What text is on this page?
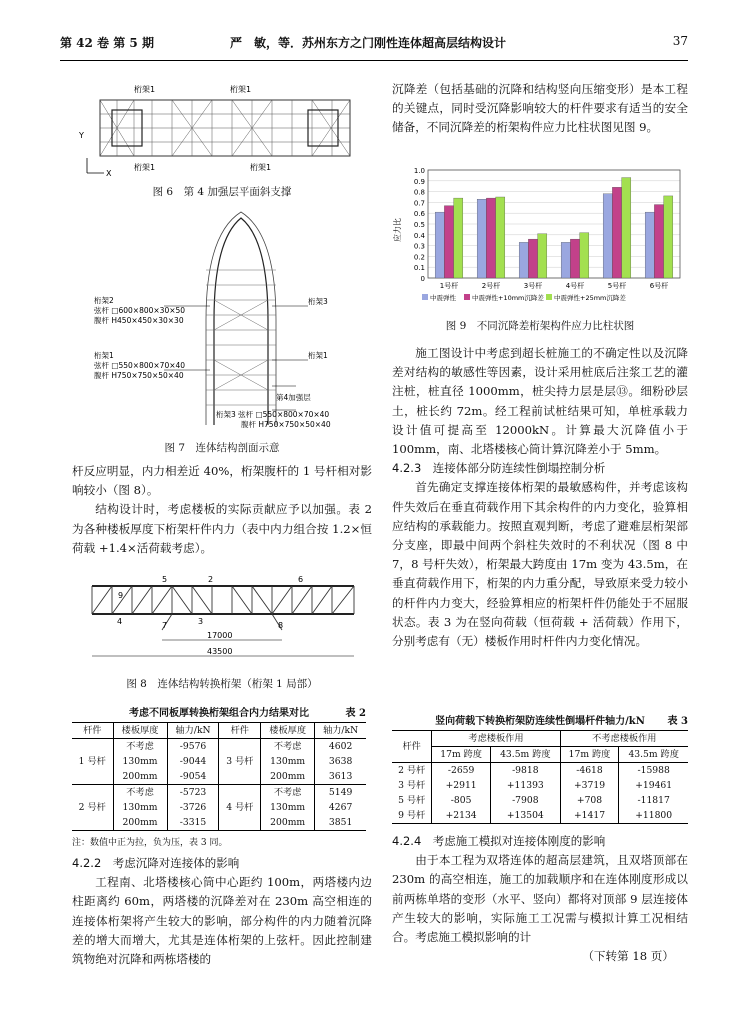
第 42 卷 第 5 期	严　敏，等．苏州东方之门刚性连体超高层结构设计	37
X
Y
桁架1	桁架1
桁架1	桁架1
图 6　第 4 加强层平面斜支撑
桁架2
弦杆 □600×800×30×50
腹杆 H450×450×30×30
桁架1
弦杆 □550×800×70×40
腹杆 H750×750×50×40
桁架3
桁架1
第4加强层
桁架3 弦杆 □550×800×70×40
腹杆 H750×750×50×40
图 7　连体结构剖面示意

杆反应明显，内力相差近 40%，桁架腹杆的 1 号杆相对影响较小（图 8）。

结构设计时，考虑楼板的实际贡献应予以加强。表 2 为各种楼板厚度下桁架杆件内力（表中内力组合按 1.2×恒荷载 +1.4×活荷载考虑）。

17000
43500
5	2	6
9
4	7	3	8
图 8　连体结构转换桁架（桁架 1 局部）
考虑不同板厚转换桁架组合内力结果对比	表 2
杆件	楼板厚度	轴力/kN	杆件	楼板厚度	轴力/kN
1 号杆	不考虑	-9576	3 号杆	不考虑	4602
	130mm	-9044		130mm	3638
	200mm	-9054		200mm	3613
2 号杆	不考虑	-5723	4 号杆	不考虑	5149
	130mm	-3726		130mm	4267
	200mm	-3315		200mm	3851
注：数值中正为拉，负为压，表 3 同。

4.2.2　考虑沉降对连接体的影响

工程南、北塔楼核心筒中心距约 100m，两塔楼内边柱距离约 60m，两塔楼的沉降差对在 230m 高空相连的连接体桁架将产生较大的影响，部分构件的内力随着沉降差的增大而增大，尤其是连体桁架的上弦杆。因此控制建筑物绝对沉降和两栋塔楼的

沉降差（包括基础的沉降和结构竖向压缩变形）是本工程的关键点，同时受沉降影响较大的杆件要求有适当的安全储备，不同沉降差的桁架构件应力比柱状图见图 9。

0
0.1
0.2
0.3
0.4
0.5
0.6
0.7
0.8
0.9
1.0
应力比
1号杆	2号杆	3号杆	4号杆	5号杆	6号杆
中震弹性 中震弹性+10mm沉降差 中震弹性+25mm沉降差
图 9　不同沉降差桁架构件应力比柱状图

施工图设计中考虑到超长桩施工的不确定性以及沉降差对结构的敏感性等因素，设计采用桩底后注浆工艺的灌注桩，桩直径 1000mm，桩尖持力层是层⑬。细粉砂层土，桩长约 72m。经工程前试桩结果可知，单桩承载力设计值可提高至 12000kN。计算最大沉降值小于 100mm，南、北塔楼核心筒计算沉降差小于 5mm。

4.2.3　连接体部分防连续性倒塌控制分析

首先确定支撑连接体桁架的最敏感构件，并考虑该构件失效后在垂直荷载作用下其余构件的内力变化，验算相应结构的承载能力。按照直观判断，考虑了避难层桁架部分支座，即最中间两个斜柱失效时的不利状况（图 8 中 7，8 号杆失效），桁架最大跨度由 17m 变为 43.5m，在垂直荷载作用下，桁架的内力重分配，导致原来受力较小的杆件内力变大，经验算相应的桁架杆件仍能处于不屈服状态。表 3 为在竖向荷载（恒荷载 + 活荷载）作用下，分别考虑有（无）楼板作用时杆件内力变化情况。

竖向荷载下转换桁架防连续性倒塌杆件轴力/kN 表 3
杆件	考虑楼板作用		不考虑楼板作用	
	17m 跨度	43.5m 跨度	17m 跨度	43.5m 跨度
2 号杆	-2659	-9818	-4618	-15988
3 号杆	+2911	+11393	+3719	+19461
5 号杆	-805	-7908	+708	-11817
9 号杆	+2134	+13504	+1417	+11800

4.2.4　考虑施工模拟对连接体刚度的影响

由于本工程为双塔连体的超高层建筑，且双塔顶部在 230m 的高空相连，施工的加载顺序和在连体刚度形成以前两栋单塔的变形（水平、竖向）都将对顶部 9 层连接体产生较大的影响，实际施工工况需与模拟计算工况相结合。考虑施工模拟影响的计

（下转第 18 页）
